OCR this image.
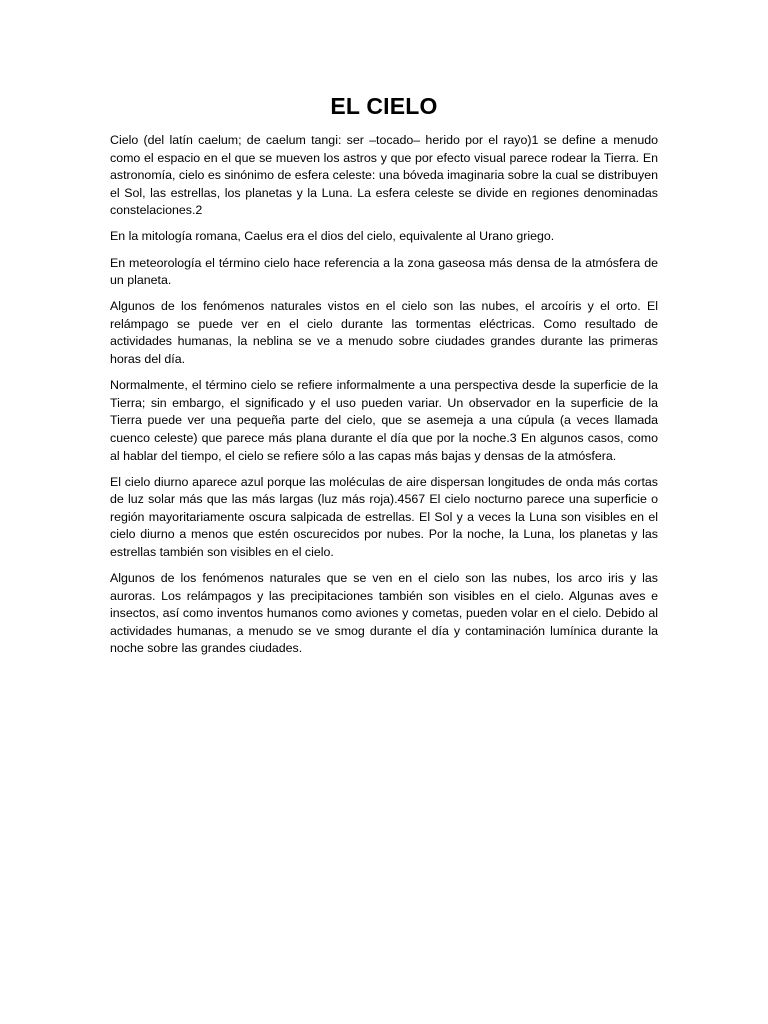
EL CIELO

Cielo (del latín caelum; de caelum tangi: ser –tocado– herido por el rayo)1 se define a menudo como el espacio en el que se mueven los astros y que por efecto visual parece rodear la Tierra. En astronomía, cielo es sinónimo de esfera celeste: una bóveda imaginaria sobre la cual se distribuyen el Sol, las estrellas, los planetas y la Luna. La esfera celeste se divide en regiones denominadas constelaciones.2

En la mitología romana, Caelus era el dios del cielo, equivalente al Urano griego.

En meteorología el término cielo hace referencia a la zona gaseosa más densa de la atmósfera de un planeta.

Algunos de los fenómenos naturales vistos en el cielo son las nubes, el arcoíris y el orto. El relámpago se puede ver en el cielo durante las tormentas eléctricas. Como resultado de actividades humanas, la neblina se ve a menudo sobre ciudades grandes durante las primeras horas del día.

Normalmente, el término cielo se refiere informalmente a una perspectiva desde la superficie de la Tierra; sin embargo, el significado y el uso pueden variar. Un observador en la superficie de la Tierra puede ver una pequeña parte del cielo, que se asemeja a una cúpula (a veces llamada cuenco celeste) que parece más plana durante el día que por la noche.3 En algunos casos, como al hablar del tiempo, el cielo se refiere sólo a las capas más bajas y densas de la atmósfera.

El cielo diurno aparece azul porque las moléculas de aire dispersan longitudes de onda más cortas de luz solar más que las más largas (luz más roja).4567 El cielo nocturno parece una superficie o región mayoritariamente oscura salpicada de estrellas. El Sol y a veces la Luna son visibles en el cielo diurno a menos que estén oscurecidos por nubes. Por la noche, la Luna, los planetas y las estrellas también son visibles en el cielo.

Algunos de los fenómenos naturales que se ven en el cielo son las nubes, los arco iris y las auroras. Los relámpagos y las precipitaciones también son visibles en el cielo. Algunas aves e insectos, así como inventos humanos como aviones y cometas, pueden volar en el cielo. Debido al actividades humanas, a menudo se ve smog durante el día y contaminación lumínica durante la noche sobre las grandes ciudades.
